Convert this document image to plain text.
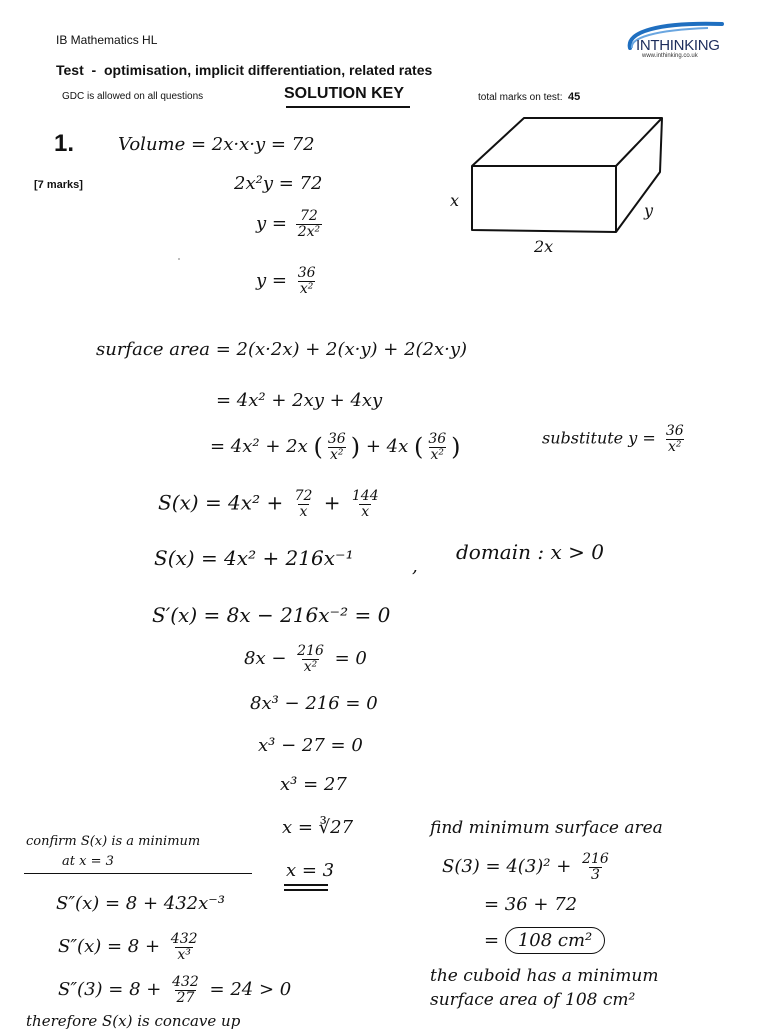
IB Mathematics HL
Test - optimisation, implicit differentiation, related rates
GDC is allowed on all questions	SOLUTION KEY	total marks on test: 45
INTHINKING
www.inthinking.co.uk
1.
[7 marks]
x
y
2x
Volume = 2x·x·y = 72
2x²y = 72
$y = \frac{72}{\text{2x²}}$
$y = \frac{36}{\text{x²}}$
surface area = 2(x·2x) + 2(x·y) + 2(2x·y)
= 4x² + 2xy + 4xy
= 4x² + 2x ( $\frac{36}{\text{x²}}$ ) + 4x ( $\frac{36}{\text{x²}}$ )	substitute $y = \frac{36}{\text{x²}}$
$S(x) = 4x^2 + \frac{72}{x} + \frac{144}{x}$
S(x) = 4x² + 216x⁻¹	,
domain : x > 0
S′(x) = 8x − 216x⁻² = 0
$8x - \frac{216}{\text{x²}} = 0$
8x³ − 216 = 0
x³ − 27 = 0
x³ = 27
x = ∛27
x = 3
confirm S(x) is a minimum
at x = 3
S″(x) = 8 + 432x⁻³
$S''(x) = 8 + \frac{432}{\text{x³}}$
$S''(3) = 8 + \frac{432}{27} = 24 > 0$
therefore S(x) is concave up
find minimum surface area
$S(3) = 4(3)^2 + \frac{216}{3}$
= 36 + 72
= 108 cm²
the cuboid has a minimum
surface area of 108 cm²
